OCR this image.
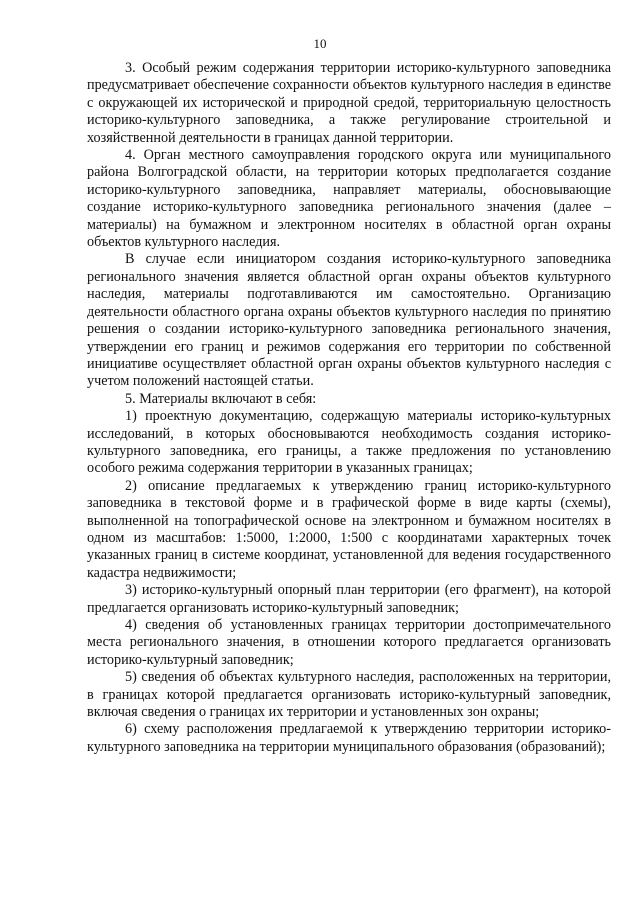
10

3. Особый режим содержания территории историко-культурного заповедника предусматривает обеспечение сохранности объектов культурного наследия в единстве с окружающей их исторической и природной средой, территориальную целостность историко-культурного заповедника, а также регулирование строительной и хозяйственной деятельности в границах данной территории.

4. Орган местного самоуправления городского округа или муниципального района Волгоградской области, на территории которых предполагается создание историко-культурного заповедника, направляет материалы, обосновывающие создание историко-культурного заповедника регионального значения (далее – материалы) на бумажном и электронном носителях в областной орган охраны объектов культурного наследия.

В случае если инициатором создания историко-культурного заповедника регионального значения является областной орган охраны объектов культурного наследия, материалы подготавливаются им самостоятельно. Организацию деятельности областного органа охраны объектов культурного наследия по принятию решения о создании историко-культурного заповедника регионального значения, утверждении его границ и режимов содержания его территории по собственной инициативе осуществляет областной орган охраны объектов культурного наследия с учетом положений настоящей статьи.

5. Материалы включают в себя:

1) проектную документацию, содержащую материалы историко-культурных исследований, в которых обосновываются необходимость создания историко-культурного заповедника, его границы, а также предложения по установлению особого режима содержания территории в указанных границах;

2) описание предлагаемых к утверждению границ историко-культурного заповедника в текстовой форме и в графической форме в виде карты (схемы), выполненной на топографической основе на электронном и бумажном носителях в одном из масштабов: 1:5000, 1:2000, 1:500 с координатами характерных точек указанных границ в системе координат, установленной для ведения государственного кадастра недвижимости;

3) историко-культурный опорный план территории (его фрагмент), на которой предлагается организовать историко-культурный заповедник;

4) сведения об установленных границах территории достопримечательного места регионального значения, в отношении которого предлагается организовать историко-культурный заповедник;

5) сведения об объектах культурного наследия, расположенных на территории, в границах которой предлагается организовать историко-культурный заповедник, включая сведения о границах их территории и установленных зон охраны;

6) схему расположения предлагаемой к утверждению территории историко-культурного заповедника на территории муниципального образования (образований);
